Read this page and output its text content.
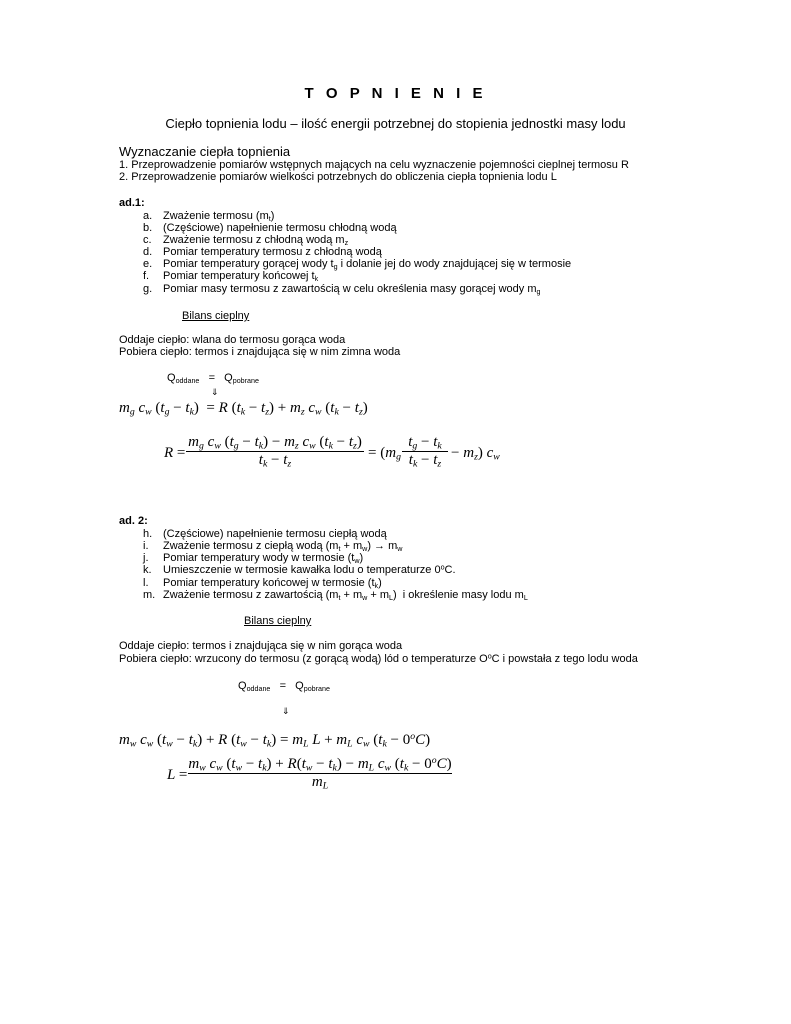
T O P N I E N I E
Ciepło topnienia lodu – ilość energii potrzebnej do stopienia jednostki masy lodu
Wyznaczanie ciepła topnienia
1. Przeprowadzenie pomiarów wstępnych mających na celu wyznaczenie pojemności cieplnej termosu R
2. Przeprowadzenie pomiarów wielkości potrzebnych do obliczenia ciepła topnienia lodu L
ad.1:
a. Zważenie termosu $(m_t)$
b. (Częściowe) napełnienie termosu chłodną wodą
c. Zważenie termosu z chłodną wodą $m_z$
d. Pomiar temperatury termosu z chłodną wodą
e. Pomiar temperatury gorącej wody $t_g$ i dolanie jej do wody znajdującej się w termosie
f. Pomiar temperatury końcowej $t_k$
g. Pomiar masy termosu z zawartością w celu określenia masy gorącej wody $m_g$
Bilans cieplny
Oddaje ciepło: wlana do termosu gorąca woda
Pobiera ciepło: termos i znajdująca się w nim zimna woda
$Q_{oddane} = Q_{pobrane}$
⇓
$m_g$ $c_w$ $(t_g - t_k) = R$ $(t_k - t_z) + m_z$ $c_w$ $(t_k - t_z)$
$R = \frac{m_g c_w (t_g - t_k) - m_z c_w (t_k - t_z)}{t_k - t_z} = (m_g \frac{t_g - t_k}{t_k - t_z} - m_z)$ $c_w$
ad. 2:
h. (Częściowe) napełnienie termosu ciepłą wodą
i. Zważenie termosu z ciepłą wodą $(m_t + m_w) \to m_w$
j. Pomiar temperatury wody w termosie $(t_w)$
k. Umieszczenie w termosie kawałka lodu o temperaturze 0$^o$C.
l. Pomiar temperatury końcowej w termosie $(t_k)$
m. Zważenie termosu z zawartością $(m_t + m_w + m_L)$  i określenie masy lodu $m_L$
Bilans cieplny
Oddaje ciepło: termos i znajdująca się w nim gorąca woda
Pobiera ciepło: wrzucony do termosu (z gorącą wodą) lód o temperaturze $O^oC$ i powstała z tego lodu woda
$Q_{oddane} = Q_{pobrane}$
⇓
$m_w$ $c_w$ $(t_w - t_k) + R$ $(t_w - t_k) = m_L$ $L + m_L$ $c_w$ $(t_k - 0^oC)$
$L = \frac{m_w c_w (t_w - t_k) + R(t_w - t_k) - m_L c_w (t_k - 0^oC)}{m_L}$
